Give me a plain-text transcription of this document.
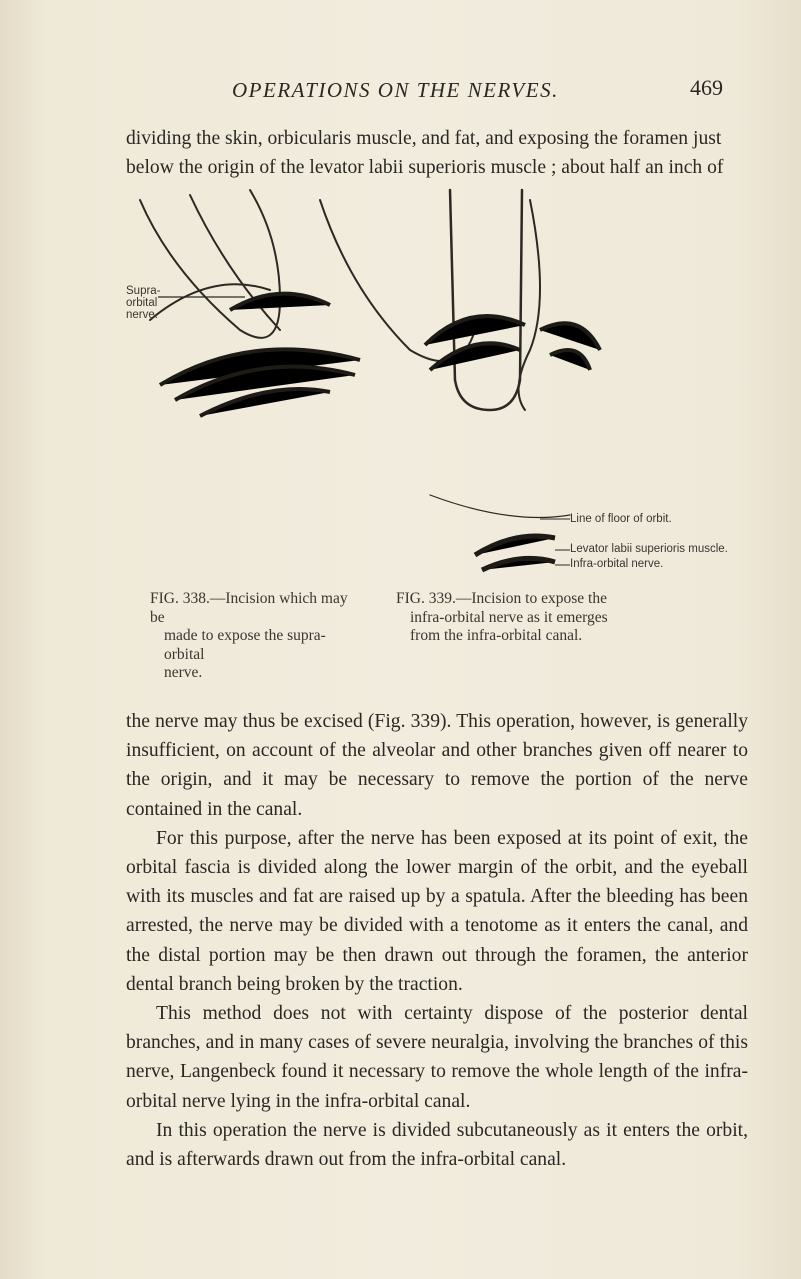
OPERATIONS ON THE NERVES.	469
dividing the skin, orbicularis muscle, and fat, and exposing the foramen just
below the origin of the levator labii superioris muscle ; about half an inch of
Supra-
orbital
nerve.
Line of floor of orbit.
Levator labii superioris muscle.
Infra-orbital nerve.
FIG. 338.—Incision which may be
made to expose the supra-orbital
nerve.
FIG. 339.—Incision to expose the
infra-orbital nerve as it emerges
from the infra-orbital canal.

the nerve may thus be excised (Fig. 339). This operation, however, is generally insufficient, on account of the alveolar and other branches given off nearer to the origin, and it may be necessary to remove the portion of the nerve contained in the canal.

For this purpose, after the nerve has been exposed at its point of exit, the orbital fascia is divided along the lower margin of the orbit, and the eyeball with its muscles and fat are raised up by a spatula. After the bleeding has been arrested, the nerve may be divided with a tenotome as it enters the canal, and the distal portion may be then drawn out through the foramen, the anterior dental branch being broken by the traction.

This method does not with certainty dispose of the posterior dental branches, and in many cases of severe neuralgia, involving the branches of this nerve, Langenbeck found it necessary to remove the whole length of the infra-orbital nerve lying in the infra-orbital canal.

In this operation the nerve is divided subcutaneously as it enters the orbit, and is afterwards drawn out from the infra-orbital canal.
